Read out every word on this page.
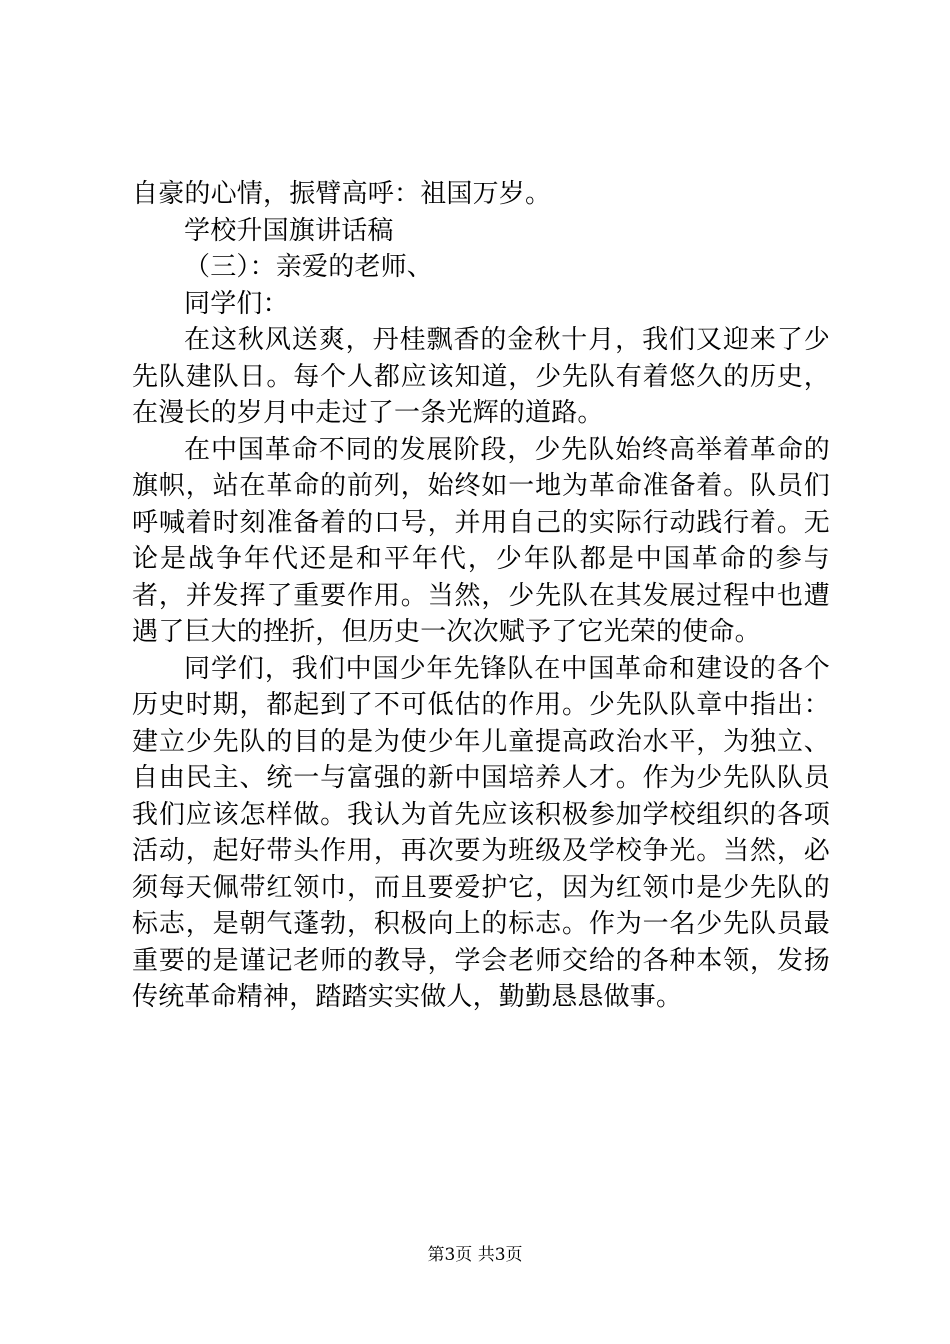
自豪的心情，振臂高呼：祖国万岁。

学校升国旗讲话稿

（三）：亲爱的老师、

同学们：

在这秋风送爽，丹桂飘香的金秋十月，我们又迎来了少先队建队日。每个人都应该知道，少先队有着悠久的历史，在漫长的岁月中走过了一条光辉的道路。

在中国革命不同的发展阶段，少先队始终高举着革命的旗帜，站在革命的前列，始终如一地为革命准备着。队员们呼喊着时刻准备着的口号，并用自己的实际行动践行着。无论是战争年代还是和平年代，少年队都是中国革命的参与者，并发挥了重要作用。当然，少先队在其发展过程中也遭遇了巨大的挫折，但历史一次次赋予了它光荣的使命。

同学们，我们中国少年先锋队在中国革命和建设的各个历史时期，都起到了不可低估的作用。少先队队章中指出：建立少先队的目的是为使少年儿童提高政治水平，为独立、自由民主、统一与富强的新中国培养人才。作为少先队队员我们应该怎样做。我认为首先应该积极参加学校组织的各项活动，起好带头作用，再次要为班级及学校争光。当然，必须每天佩带红领巾，而且要爱护它，因为红领巾是少先队的标志，是朝气蓬勃，积极向上的标志。作为一名少先队员最重要的是谨记老师的教导，学会老师交给的各种本领，发扬传统革命精神，踏踏实实做人，勤勤恳恳做事。

第3页 共3页
